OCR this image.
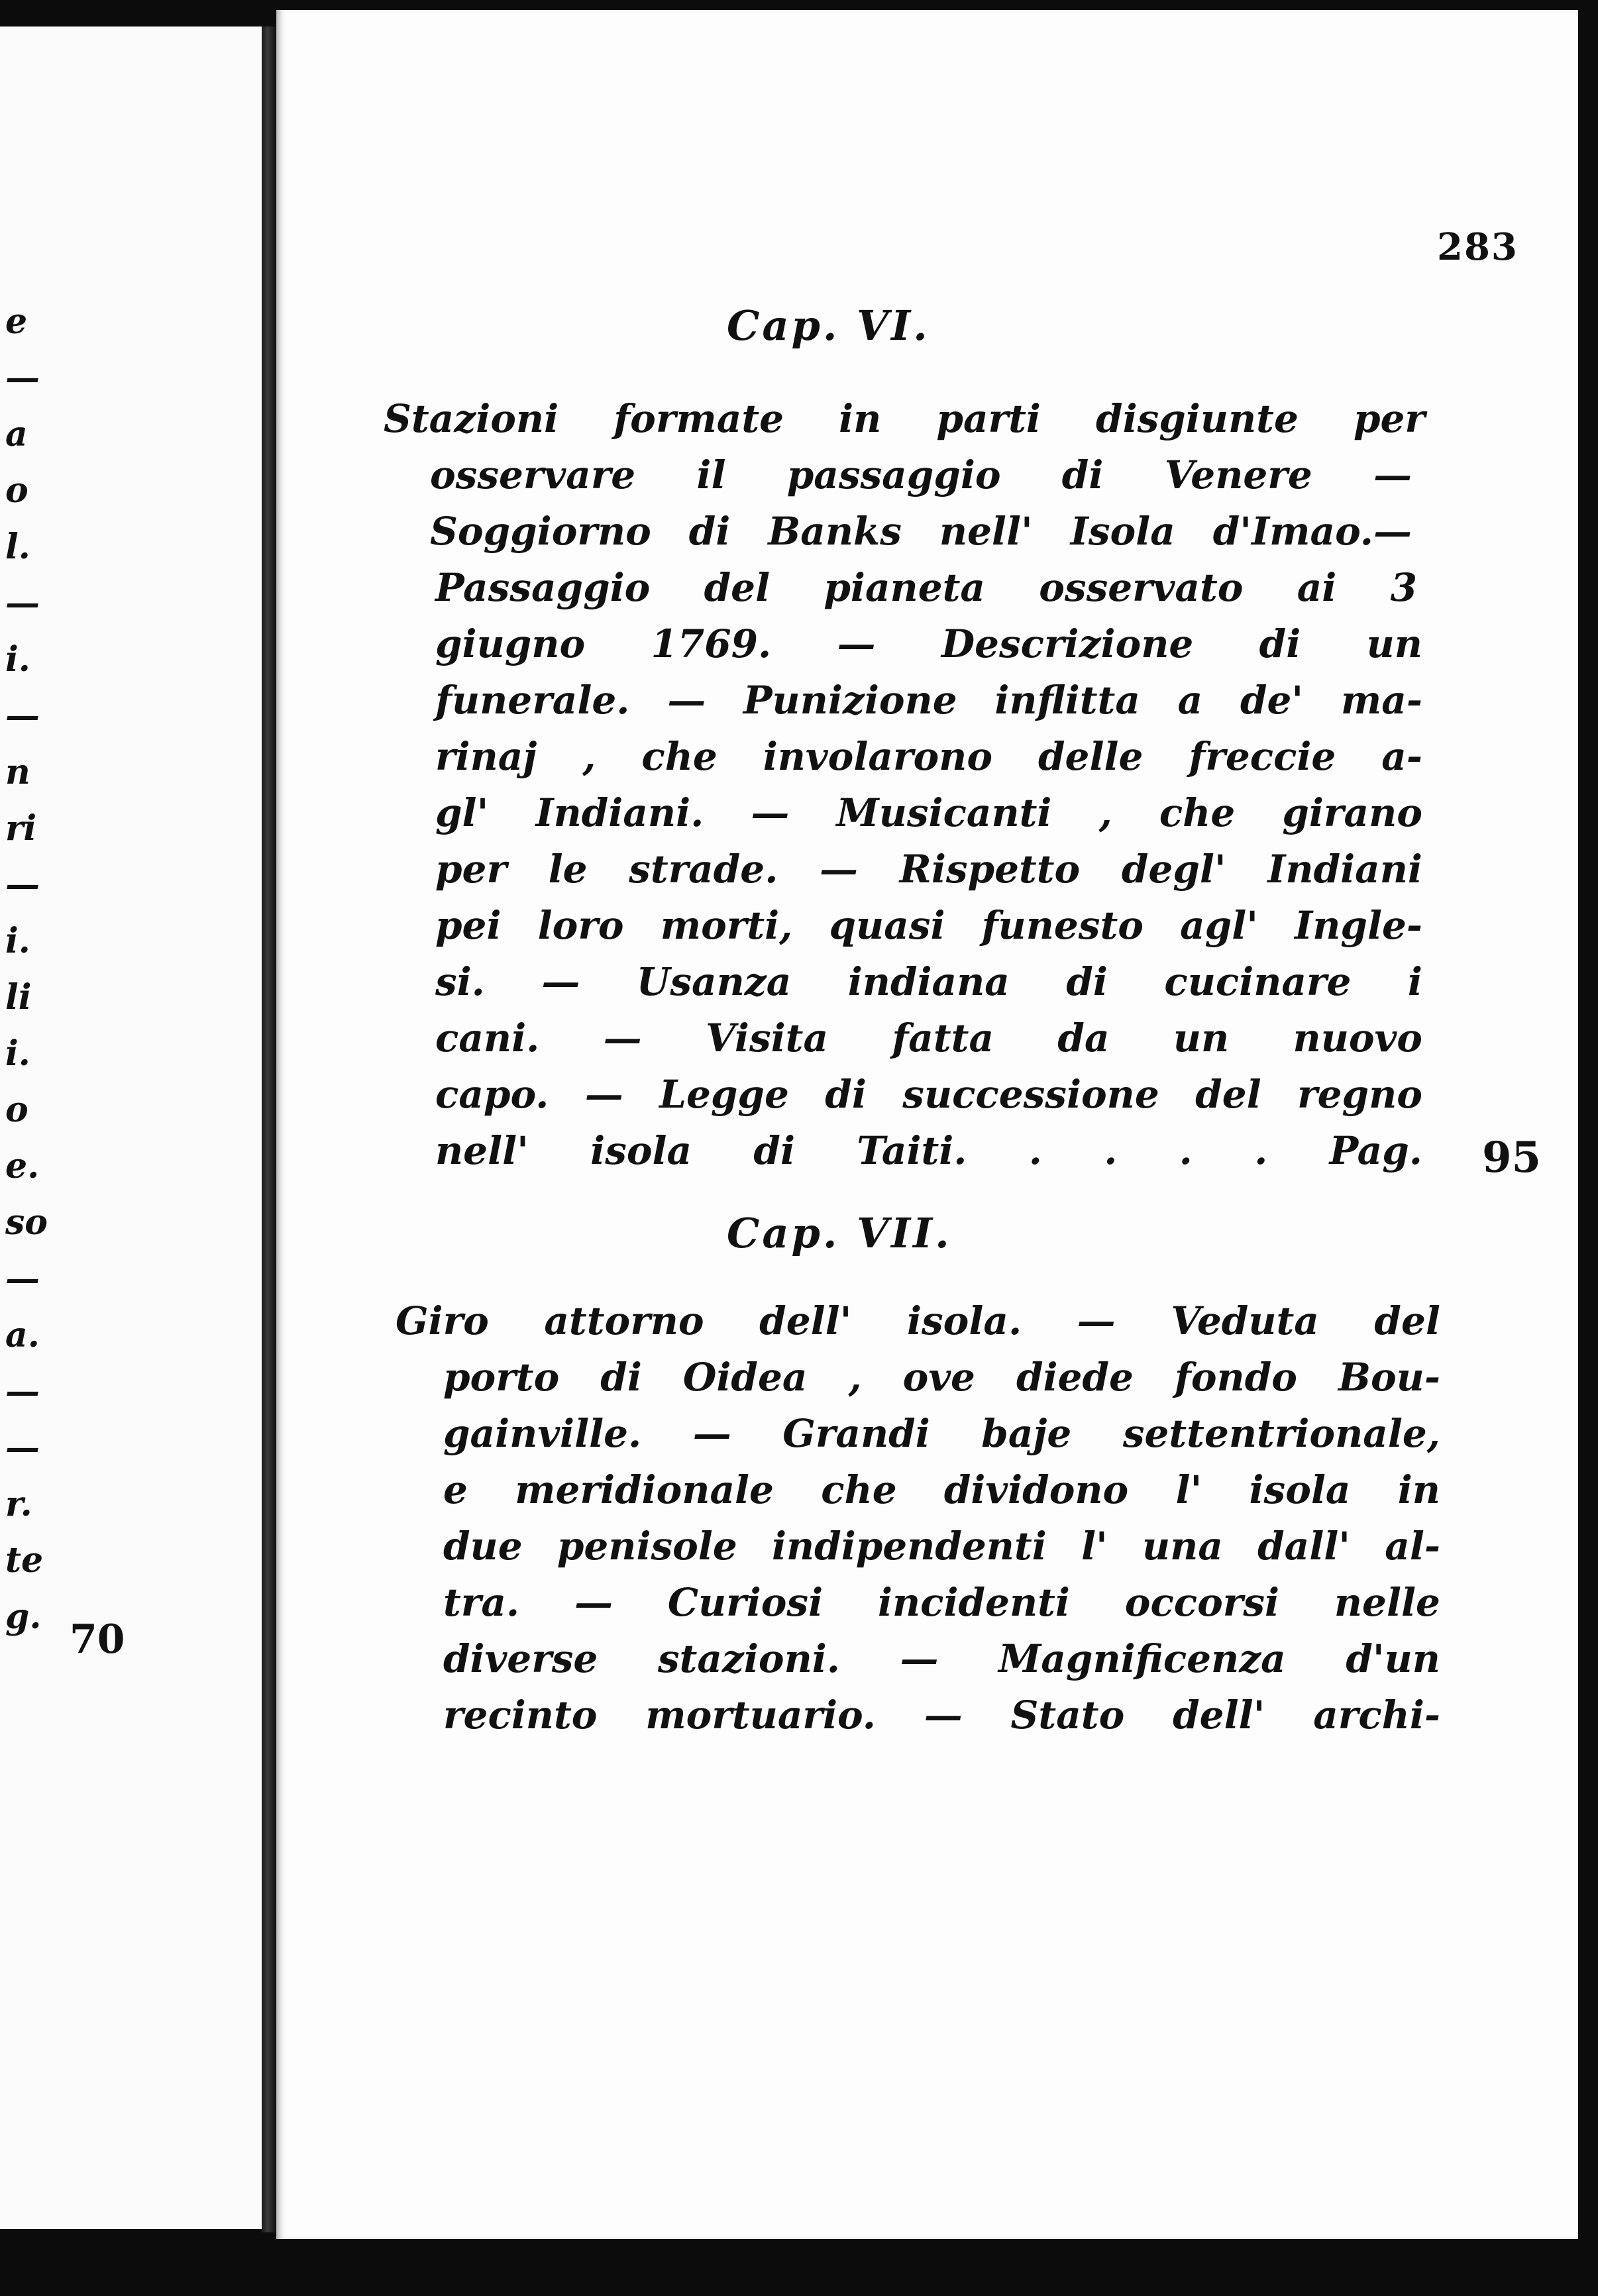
e
—
a
o
l.
—
i.
—
n
ri
—
i.
li
i.
o
e.
so
—
a.
—
—
r.
te
g. 70
283
Cap. VI.
Stazioni formate in parti disgiunte per
osservare il passaggio di Venere —
Soggiorno di Banks nell' Isola d'Imao.—
Passaggio del pianeta osservato ai 3
giugno 1769. — Descrizione di un
funerale. — Punizione inflitta a de' ma-
rinaj , che involarono delle freccie a-
gl' Indiani. — Musicanti , che girano
per le strade. — Rispetto degl' Indiani
pei loro morti, quasi funesto agl' Ingle-
si. — Usanza indiana di cucinare i
cani. — Visita fatta da un nuovo
capo. — Legge di successione del regno
nell' isola di Taiti. . . . . Pag. 95
Cap. VII.
Giro attorno dell' isola. — Veduta del
porto di Oidea , ove diede fondo Bou-
gainville. — Grandi baje settentrionale,
e meridionale che dividono l' isola in
due penisole indipendenti l' una dall' al-
tra. — Curiosi incidenti occorsi nelle
diverse stazioni. — Magnificenza d'un
recinto mortuario. — Stato dell' archi-
